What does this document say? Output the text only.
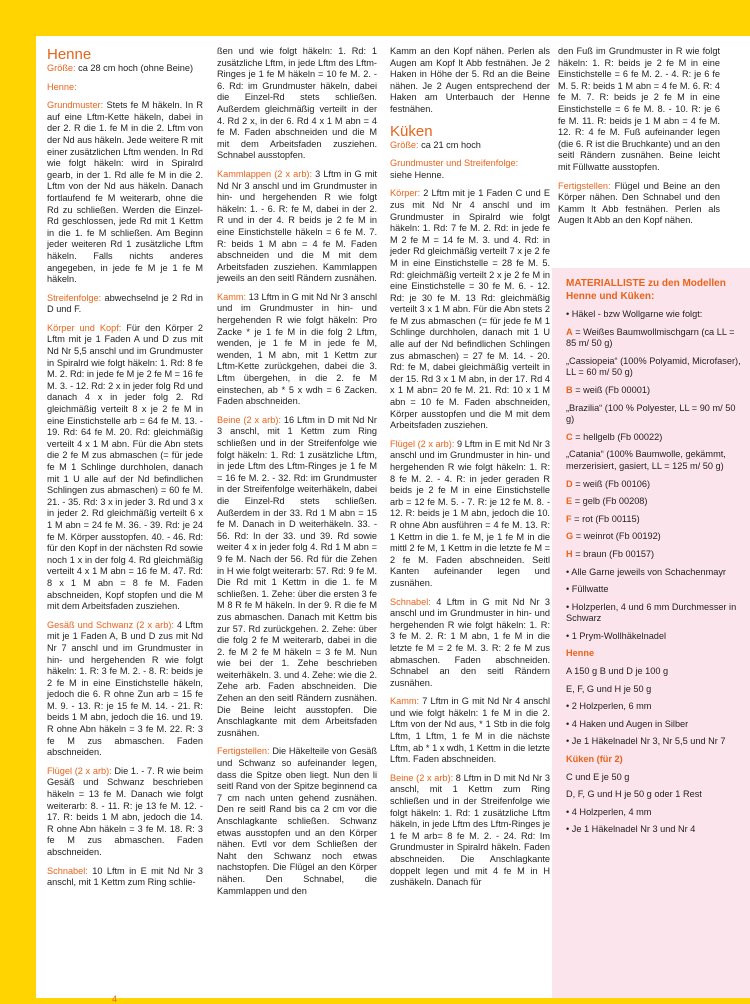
Henne

Größe: ca 28 cm hoch (ohne Beine)

Henne:

Grundmuster: Stets fe M häkeln. In R auf eine Lftm-Kette häkeln, dabei in der 2. R die 1. fe M in die 2. Lftm von der Nd aus häkeln. Jede weitere R mit einer zusätzlichen Lftm wenden. In Rd wie folgt häkeln: wird in Spiralrd gearb, in der 1. Rd alle fe M in die 2. Lftm von der Nd aus häkeln. Danach fortlaufend fe M weiterarb, ohne die Rd zu schließen. Werden die Einzel-Rd geschlossen, jede Rd mit 1 Kettm in die 1. fe M schließen. Am Beginn jeder weiteren Rd 1 zusätzliche Lftm häkeln. Falls nichts anderes angegeben, in jede fe M je 1 fe M häkeln.

Streifenfolge: abwechselnd je 2 Rd in D und F.

Körper und Kopf: Für den Körper 2 Lftm mit je 1 Faden A und D zus mit Nd Nr 5,5 anschl und im Grundmuster in Spiralrd wie folgt häkeln: 1. Rd: 8 fe M. 2. Rd: in jede fe M je 2 fe M = 16 fe M. 3. - 12. Rd: 2 x in jeder folg Rd und danach 4 x in jeder folg 2. Rd gleichmäßig verteilt 8 x je 2 fe M in eine Einstichstelle arb = 64 fe M. 13. - 19. Rd: 64 fe M. 20. Rd: gleichmäßig verteilt 4 x 1 M abn. Für die Abn stets die 2 fe M zus abmaschen (= für jede fe M 1 Schlinge durchholen, danach mit 1 U alle auf der Nd befindlichen Schlingen zus abmaschen) = 60 fe M. 21. - 35. Rd: 3 x in jeder 3. Rd und 3 x in jeder 2. Rd gleichmäßig verteilt 6 x 1 M abn = 24 fe M. 36. - 39. Rd: je 24 fe M. Körper ausstopfen. 40. - 46. Rd: für den Kopf in der nächsten Rd sowie noch 1 x in der folg 4. Rd gleichmäßig verteilt 4 x 1 M abn = 16 fe M. 47. Rd: 8 x 1 M abn = 8 fe M. Faden abschneiden, Kopf stopfen und die M mit dem Arbeitsfaden zusziehen.

Gesäß und Schwanz (2 x arb): 4 Lftm mit je 1 Faden A, B und D zus mit Nd Nr 7 anschl und im Grundmuster in hin- und hergehenden R wie folgt häkeln: 1. R: 3 fe M. 2. - 8. R: beids je 2 fe M in eine Einstichstelle häkeln, jedoch die 6. R ohne Zun arb = 15 fe M. 9. - 13. R: je 15 fe M. 14. - 21. R: beids 1 M abn, jedoch die 16. und 19. R ohne Abn häkeln = 3 fe M. 22. R: 3 fe M zus abmaschen. Faden abschneiden.

Flügel (2 x arb): Die 1. - 7. R wie beim Gesäß und Schwanz beschrieben häkeln = 13 fe M. Danach wie folgt weiterarb: 8. - 11. R: je 13 fe M. 12. - 17. R: beids 1 M abn, jedoch die 14. R ohne Abn häkeln = 3 fe M. 18. R: 3 fe M zus abmaschen. Faden abschneiden.

Schnabel: 10 Lftm in E mit Nd Nr 3 anschl, mit 1 Kettm zum Ring schlie-

ßen und wie folgt häkeln: 1. Rd: 1 zusätzliche Lftm, in jede Lftm des Lftm-Ringes je 1 fe M häkeln = 10 fe M. 2. - 6. Rd: im Grundmuster häkeln, dabei die Einzel-Rd stets schließen. Außerdem gleichmäßig verteilt in der 4. Rd 2 x, in der 6. Rd 4 x 1 M abn = 4 fe M. Faden abschneiden und die M mit dem Arbeitsfaden zusziehen. Schnabel ausstopfen.

Kammlappen (2 x arb): 3 Lftm in G mit Nd Nr 3 anschl und im Grundmuster in hin- und hergehenden R wie folgt häkeln: 1. - 6. R: fe M, dabei in der 2. R und in der 4. R beids je 2 fe M in eine Einstichstelle häkeln = 6 fe M. 7. R: beids 1 M abn = 4 fe M. Faden abschneiden und die M mit dem Arbeitsfaden zusziehen. Kammlappen jeweils an den seitl Rändern zusnähen.

Kamm: 13 Lftm in G mit Nd Nr 3 anschl und im Grundmuster in hin- und hergehenden R wie folgt häkeln: Pro Zacke * je 1 fe M in die folg 2 Lftm, wenden, je 1 fe M in jede fe M, wenden, 1 M abn, mit 1 Kettm zur Lftm-Kette zurückgehen, dabei die 3. Lftm übergehen, in die 2. fe M einstechen, ab * 5 x wdh = 6 Zacken. Faden abschneiden.

Beine (2 x arb): 16 Lftm in D mit Nd Nr 3 anschl, mit 1 Kettm zum Ring schließen und in der Streifenfolge wie folgt häkeln: 1. Rd: 1 zusätzliche Lftm, in jede Lftm des Lftm-Ringes je 1 fe M = 16 fe M. 2. - 32. Rd: im Grundmuster in der Streifenfolge weiterhäkeln, dabei die Einzel-Rd stets schließen. Außerdem in der 33. Rd 1 M abn = 15 fe M. Danach in D weiterhäkeln. 33. - 56. Rd: In der 33. und 39. Rd sowie weiter 4 x in jeder folg 4. Rd 1 M abn = 9 fe M. Nach der 56. Rd für die Zehen in H wie folgt weiterarb: 57. Rd: 9 fe M. Die Rd mit 1 Kettm in die 1. fe M schließen. 1. Zehe: über die ersten 3 fe M 8 R fe M häkeln. In der 9. R die fe M zus abmaschen. Danach mit Kettm bis zur 57. Rd zurückgehen. 2. Zehe: über die folg 2 fe M weiterarb, dabei in die 2. fe M 2 fe M häkeln = 3 fe M. Nun wie bei der 1. Zehe beschrieben weiterhäkeln. 3. und 4. Zehe: wie die 2. Zehe arb. Faden abschneiden. Die Zehen an den seitl Rändern zusnähen. Die Beine leicht ausstopfen. Die Anschlagkante mit dem Arbeitsfaden zusnähen.

Fertigstellen: Die Häkelteile von Gesäß und Schwanz so aufeinander legen, dass die Spitze oben liegt. Nun den li seitl Rand von der Spitze beginnend ca 7 cm nach unten gehend zusnähen. Den re seitl Rand bis ca 2 cm vor die Anschlagkante schließen. Schwanz etwas ausstopfen und an den Körper nähen. Evtl vor dem Schließen der Naht den Schwanz noch etwas nachstopfen. Die Flügel an den Körper nähen. Den Schnabel, die Kammlappen und den

Kamm an den Kopf nähen. Perlen als Augen am Kopf lt Abb festnähen. Je 2 Haken in Höhe der 5. Rd an die Beine nähen. Je 2 Augen entsprechend der Haken am Unterbauch der Henne festnähen.

Küken

Größe: ca 21 cm hoch

Grundmuster und Streifenfolge:
siehe Henne.

Körper: 2 Lftm mit je 1 Faden C und E zus mit Nd Nr 4 anschl und im Grundmuster in Spiralrd wie folgt häkeln: 1. Rd: 7 fe M. 2. Rd: in jede fe M 2 fe M = 14 fe M. 3. und 4. Rd: in jeder Rd gleichmäßig verteilt 7 x je 2 fe M in eine Einstichstelle = 28 fe M. 5. Rd: gleichmäßig verteilt 2 x je 2 fe M in eine Einstichstelle = 30 fe M. 6. - 12. Rd: je 30 fe M. 13 Rd: gleichmäßig verteilt 3 x 1 M abn. Für die Abn stets 2 fe M zus abmaschen (= für jede fe M 1 Schlinge durchholen, danach mit 1 U alle auf der Nd befindlichen Schlingen zus abmaschen) = 27 fe M. 14. - 20. Rd: fe M, dabei gleichmäßig verteilt in der 15. Rd 3 x 1 M abn, in der 17. Rd 4 x 1 M abn= 20 fe M. 21. Rd: 10 x 1 M abn = 10 fe M. Faden abschneiden, Körper ausstopfen und die M mit dem Arbeitsfaden zusziehen.

Flügel (2 x arb): 9 Lftm in E mit Nd Nr 3 anschl und im Grundmuster in hin- und hergehenden R wie folgt häkeln: 1. R: 8 fe M. 2. - 4. R: in jeder geraden R beids je 2 fe M in eine Einstichstelle arb = 12 fe M. 5. - 7. R: je 12 fe M. 8. - 12. R: beids je 1 M abn, jedoch die 10. R ohne Abn ausführen = 4 fe M. 13. R: 1 Kettm in die 1. fe M, je 1 fe M in die mittl 2 fe M, 1 Kettm in die letzte fe M = 2 fe M. Faden abschneiden. Seitl Kanten aufeinander legen und zusnähen.

Schnabel: 4 Lftm in G mit Nd Nr 3 anschl und im Grundmuster in hin- und hergehenden R wie folgt häkeln: 1. R: 3 fe M. 2. R: 1 M abn, 1 fe M in die letzte fe M = 2 fe M. 3. R: 2 fe M zus abmaschen. Faden abschneiden. Schnabel an den seitl Rändern zusnähen.

Kamm: 7 Lftm in G mit Nd Nr 4 anschl und wie folgt häkeln: 1 fe M in die 2. Lftm von der Nd aus, * 1 Stb in die folg Lftm, 1 Lftm, 1 fe M in die nächste Lftm, ab * 1 x wdh, 1 Kettm in die letzte Lftm. Faden abschneiden.

Beine (2 x arb): 8 Lftm in D mit Nd Nr 3 anschl, mit 1 Kettm zum Ring schließen und in der Streifenfolge wie folgt häkeln: 1. Rd: 1 zusätzliche Lftm häkeln, in jede Lftm des Lftm-Ringes je 1 fe M arb= 8 fe M. 2. - 24. Rd: Im Grundmuster in Spiralrd häkeln. Faden abschneiden. Die Anschlagkante doppelt legen und mit 4 fe M in H zushäkeln. Danach für

den Fuß im Grundmuster in R wie folgt häkeln: 1. R: beids je 2 fe M in eine Einstichstelle = 6 fe M. 2. - 4. R: je 6 fe M. 5. R: beids 1 M abn = 4 fe M. 6. R: 4 fe M. 7. R: beids je 2 fe M in eine Einstichstelle = 6 fe M. 8. - 10. R: je 6 fe M. 11. R: beids je 1 M abn = 4 fe M. 12. R: 4 fe M. Fuß aufeinander legen (die 6. R ist die Bruchkante) und an den seitl Rändern zusnähen. Beine leicht mit Füllwatte ausstopfen.

Fertigstellen: Flügel und Beine an den Körper nähen. Den Schnabel und den Kamm lt Abb festnähen. Perlen als Augen lt Abb an den Kopf nähen.

4
MATERIALLISTE zu den Modellen Henne und Küken:
• Häkel - bzw Wollgarne wie folgt:
A = Weißes Baumwollmischgarn (ca LL = 85 m/ 50 g)
„Cassiopeia“ (100% Polyamid, Microfaser), LL = 60 m/ 50 g)
B = weiß (Fb 00001)
„Brazilia“ (100 % Polyester, LL = 90 m/ 50 g)
C = hellgelb (Fb 00022)
„Catania“ (100% Baumwolle, gekämmt, merzerisiert, gasiert, LL = 125 m/ 50 g)
D = weiß (Fb 00106)
E = gelb (Fb 00208)
F = rot (Fb 00115)
G = weinrot (Fb 00192)
H = braun (Fb 00157)
• Alle Garne jeweils von Schachenmayr
• Füllwatte
• Holzperlen, 4 und 6 mm Durchmesser in Schwarz
• 1 Prym-Wollhäkelnadel
Henne
A 150 g B und D je 100 g
E, F, G und H je 50 g
• 2 Holzperlen, 6 mm
• 4 Haken und Augen in Silber
• Je 1 Häkelnadel Nr 3, Nr 5,5 und Nr 7
Küken (für 2)
C und E je 50 g
D, F, G und H je 50 g oder 1 Rest
• 4 Holzperlen, 4 mm
• Je 1 Häkelnadel Nr 3 und Nr 4
